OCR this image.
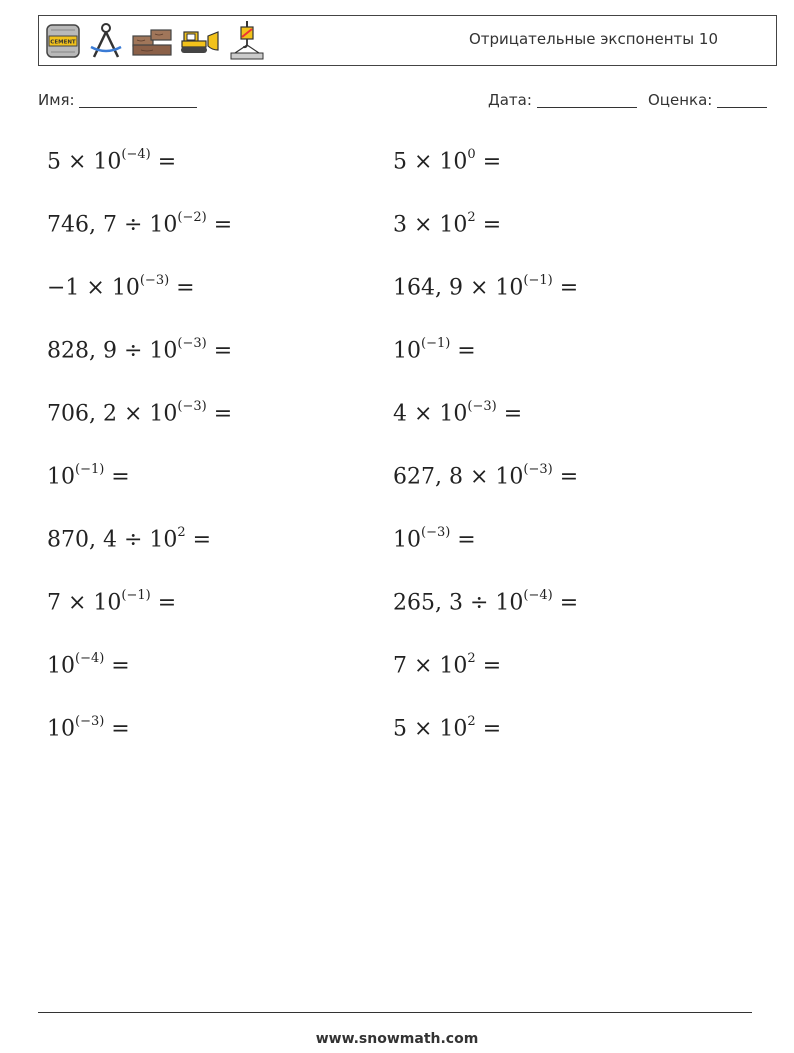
CEMENT	Отрицательные экспоненты 10
Имя:	Дата:	Оценка:
$5 \times 10^{(-4)}$ =
746, $7 \div 10^{(-2)}$ =
$-1 \times 10^{(-3)}$ =
828, $9 \div 10^{(-3)}$ =
706, $2 \times 10^{(-3)}$ =
$10^{(-1)}$ =
870, $4 \div 10^2$ =
$7 \times 10^{(-1)}$ =
$10^{(-4)}$ =
$10^{(-3)}$ =
$5 \times 10^0$ =
$3 \times 10^2$ =
164, $9 \times 10^{(-1)}$ =
$10^{(-1)}$ =
$4 \times 10^{(-3)}$ =
627, $8 \times 10^{(-3)}$ =
$10^{(-3)}$ =
265, $3 \div 10^{(-4)}$ =
$7 \times 10^2$ =
$5 \times 10^2$ =
www.snowmath.com
